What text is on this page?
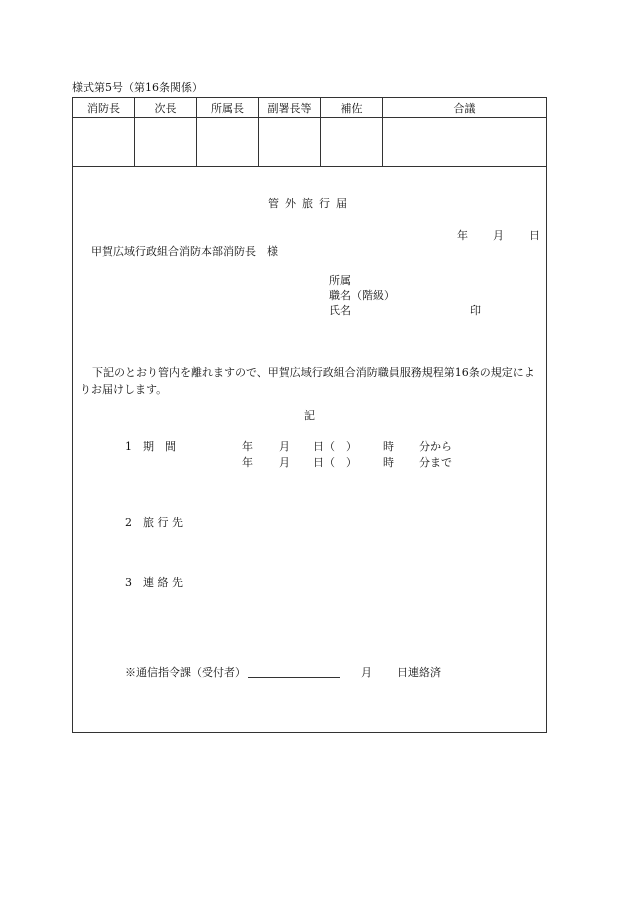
様式第5号（第16条関係）
消防長	次長	所属長	副署長等	補佐	合議

管外旅行届
年 月 日
甲賀広域行政組合消防本部消防長　様
所属
職名（階級）
氏名	印
下記のとおり管内を離れますので、甲賀広域行政組合消防職員服務規程第16条の規定によりお届けします。
記
1　期　間	年 月 日（　） 時 分から
年 月 日（　） 時 分まで
2　旅 行 先
3　連 絡 先
※通信指令課（受付者）	月 日連絡済
